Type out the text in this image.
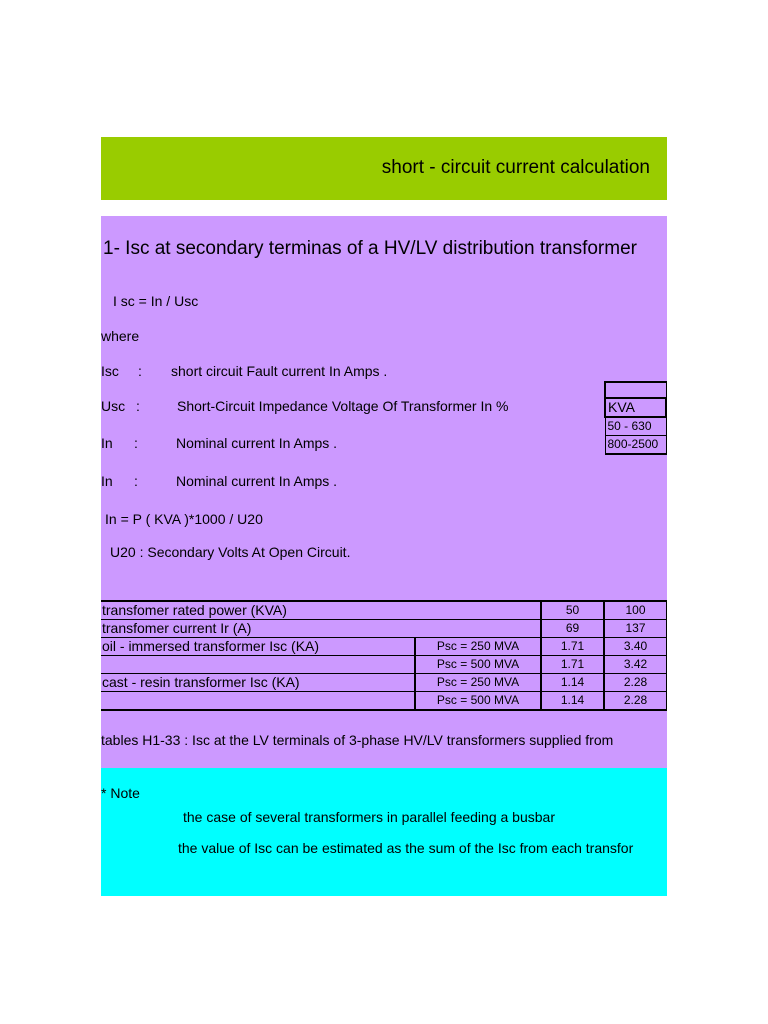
short - circuit current calculation
1- Isc at secondary terminas of a HV/LV distribution transformer
I sc = In / Usc
where
Isc : short circuit Fault current In Amps .
Usc :	Short-Circuit Impedance Voltage Of Transformer In %
In :	Nominal current In Amps .
In :	Nominal current In Amps .
In = P ( KVA )*1000 / U20
U20 : Secondary Volts At Open Circuit.

KVA
50 - 630
800-2500
transfomer rated power (KVA)		50	100
transfomer current Ir (A)		69	137
oil - immersed transformer Isc (KA)	Psc = 250 MVA	1.71	3.40
	Psc = 500 MVA	1.71	3.42
cast - resin transformer Isc (KA)	Psc = 250 MVA	1.14	2.28
	Psc = 500 MVA	1.14	2.28
tables H1-33 : Isc at the LV terminals of 3-phase HV/LV transformers supplied from
* Note
the case of several transformers in parallel feeding a busbar
the value of Isc can be estimated as the sum of the Isc from each transfor
